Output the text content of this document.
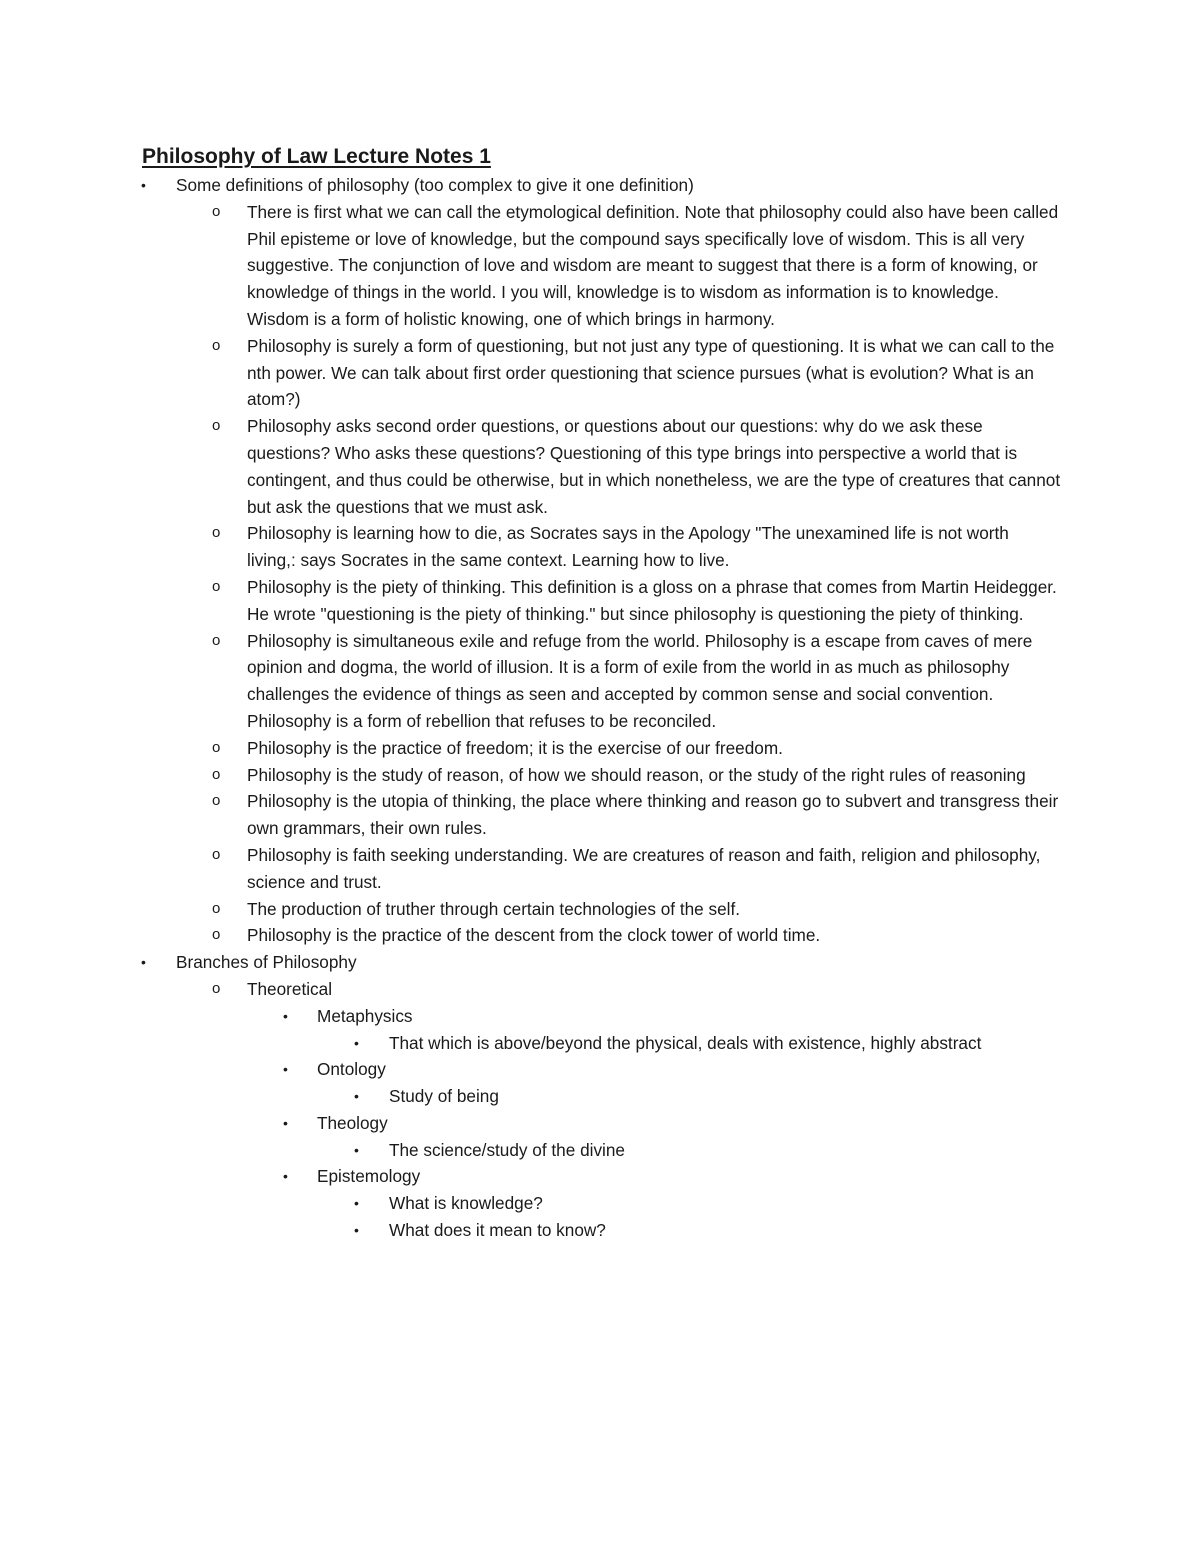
Philosophy of Law Lecture Notes 1
• Some definitions of philosophy (too complex to give it one definition)
o There is first what we can call the etymological definition. Note that philosophy could also have been called Phil episteme or love of knowledge, but the compound says specifically love of wisdom. This is all very suggestive. The conjunction of love and wisdom are meant to suggest that there is a form of knowing, or knowledge of things in the world. I you will, knowledge is to wisdom as information is to knowledge. Wisdom is a form of holistic knowing, one of which brings in harmony.
o Philosophy is surely a form of questioning, but not just any type of questioning. It is what we can call to the nth power. We can talk about first order questioning that science pursues (what is evolution? What is an atom?)
o Philosophy asks second order questions, or questions about our questions: why do we ask these questions? Who asks these questions? Questioning of this type brings into perspective a world that is contingent, and thus could be otherwise, but in which nonetheless, we are the type of creatures that cannot but ask the questions that we must ask.
o Philosophy is learning how to die, as Socrates says in the Apology "The unexamined life is not worth living,: says Socrates in the same context. Learning how to live.
o Philosophy is the piety of thinking. This definition is a gloss on a phrase that comes from Martin Heidegger. He wrote "questioning is the piety of thinking." but since philosophy is questioning the piety of thinking.
o Philosophy is simultaneous exile and refuge from the world. Philosophy is a escape from caves of mere opinion and dogma, the world of illusion. It is a form of exile from the world in as much as philosophy challenges the evidence of things as seen and accepted by common sense and social convention. Philosophy is a form of rebellion that refuses to be reconciled.
o Philosophy is the practice of freedom; it is the exercise of our freedom.
o Philosophy is the study of reason, of how we should reason, or the study of the right rules of reasoning
o Philosophy is the utopia of thinking, the place where thinking and reason go to subvert and transgress their own grammars, their own rules.
o Philosophy is faith seeking understanding. We are creatures of reason and faith, religion and philosophy, science and trust.
o The production of truther through certain technologies of the self.
o Philosophy is the practice of the descent from the clock tower of world time.
• Branches of Philosophy
o Theoretical
• Metaphysics
• That which is above/beyond the physical, deals with existence, highly abstract
• Ontology
• Study of being
• Theology
• The science/study of the divine
• Epistemology
• What is knowledge?
• What does it mean to know?
